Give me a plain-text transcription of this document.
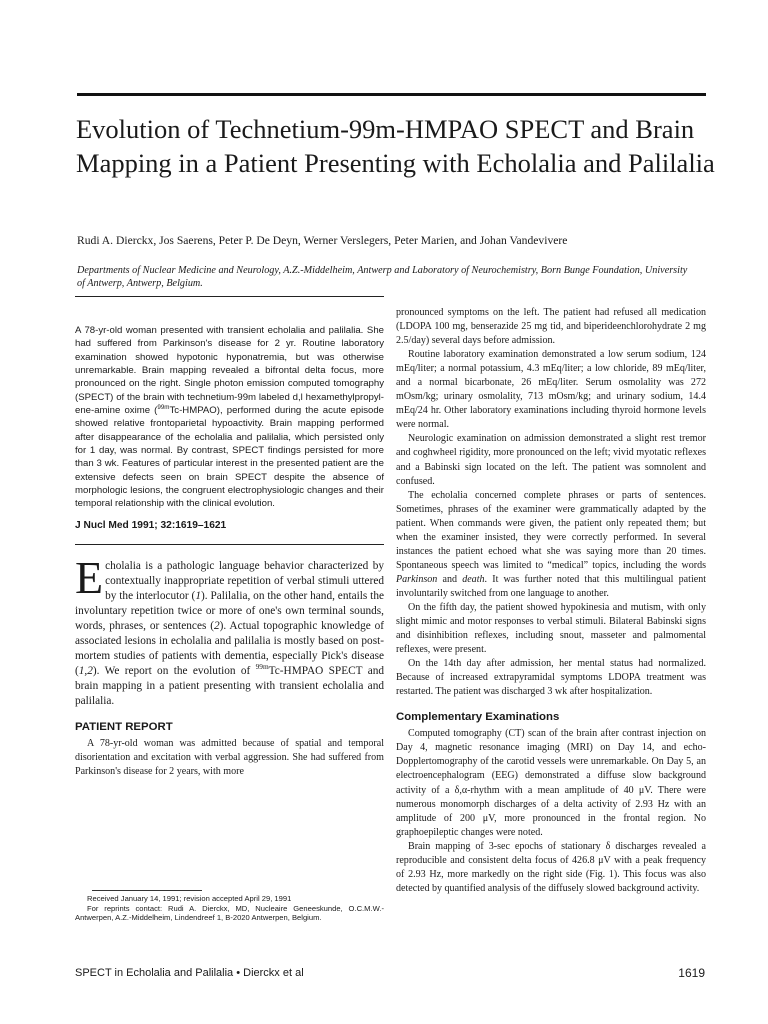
Evolution of Technetium-99m-HMPAO SPECT and Brain Mapping in a Patient Presenting with Echolalia and Palilalia
Rudi A. Dierckx, Jos Saerens, Peter P. De Deyn, Werner Verslegers, Peter Marien, and Johan Vandevivere
Departments of Nuclear Medicine and Neurology, A.Z.-Middelheim, Antwerp and Laboratory of Neurochemistry, Born Bunge Foundation, University of Antwerp, Antwerp, Belgium.

A 78-yr-old woman presented with transient echolalia and palilalia. She had suffered from Parkinson's disease for 2 yr. Routine laboratory examination showed hypotonic hyponatremia, but was otherwise unremarkable. Brain mapping revealed a bifrontal delta focus, more pronounced on the right. Single photon emission computed tomography (SPECT) of the brain with technetium-99m labeled d,l hexamethylpropyl-ene-amine oxime ($^{99m}$Tc-HMPAO), performed during the acute episode showed relative frontoparietal hypoactivity. Brain mapping performed after disappearance of the echolalia and palilalia, which persisted only for 1 day, was normal. By contrast, SPECT findings persisted for more than 3 wk. Features of particular interest in the presented patient are the extensive defects seen on brain SPECT despite the absence of morphologic lesions, the congruent electrophysiologic changes and their temporal relationship with the clinical evolution.

J Nucl Med 1991; 32:1619–1621

Echolalia is a pathologic language behavior characterized by contextually inappropriate repetition of verbal stimuli uttered by the interlocutor (1). Palilalia, on the other hand, entails the involuntary repetition twice or more of one's own terminal sounds, words, phrases, or sentences (2). Actual topographic knowledge of associated lesions in echolalia and palilalia is mostly based on post-mortem studies of patients with dementia, especially Pick's disease (1,2). We report on the evolution of $^{99m}$Tc-HMPAO SPECT and brain mapping in a patient presenting with transient echolalia and palilalia.

PATIENT REPORT

A 78-yr-old woman was admitted because of spatial and temporal disorientation and excitation with verbal aggression. She had suffered from Parkinson's disease for 2 years, with more

Received January 14, 1991; revision accepted April 29, 1991

For reprints contact: Rudi A. Dierckx, MD, Nucleaire Geneeskunde, O.C.M.W.-Antwerpen, A.Z.-Middelheim, Lindendreef 1, B-2020 Antwerpen, Belgium.

pronounced symptoms on the left. The patient had refused all medication (LDOPA 100 mg, benserazide 25 mg tid, and biperideenchlorohydrate 2 mg 2.5/day) several days before admission.

Routine laboratory examination demonstrated a low serum sodium, 124 mEq/liter; a normal potassium, 4.3 mEq/liter; a low chloride, 89 mEq/liter, and a normal bicarbonate, 26 mEq/liter. Serum osmolality was 272 mOsm/kg; urinary osmolality, 713 mOsm/kg; and urinary sodium, 14.4 mEq/24 hr. Other laboratory examinations including thyroid hormone levels were normal.

Neurologic examination on admission demonstrated a slight rest tremor and coghwheel rigidity, more pronounced on the left; vivid myotatic reflexes and a Babinski sign located on the left. The patient was somnolent and confused.

The echolalia concerned complete phrases or parts of sentences. Sometimes, phrases of the examiner were grammatically adapted by the patient. When commands were given, the patient only repeated them; but when the examiner insisted, they were correctly performed. In several instances the patient echoed what she was saying more than 20 times. Spontaneous speech was limited to “medical” topics, including the words Parkinson and death. It was further noted that this multilingual patient involuntarily switched from one language to another.

On the fifth day, the patient showed hypokinesia and mutism, with only slight mimic and motor responses to verbal stimuli. Bilateral Babinski signs and disinhibition reflexes, including snout, masseter and palmomental reflexes, were present.

On the 14th day after admission, her mental status had normalized. Because of increased extrapyramidal symptoms LDOPA treatment was restarted. The patient was discharged 3 wk after hospitalization.

Complementary Examinations

Computed tomography (CT) scan of the brain after contrast injection on Day 4, magnetic resonance imaging (MRI) on Day 14, and echo-Dopplertomography of the carotid vessels were unremarkable. On Day 5, an electroencephalogram (EEG) demonstrated a diffuse slow background activity of a δ,α-rhythm with a mean amplitude of 40 μV. There were numerous monomorph discharges of a delta activity of 2.93 Hz with an amplitude of 200 μV, more pronounced in the frontal region. No graphoepileptic changes were noted.

Brain mapping of 3-sec epochs of stationary δ discharges revealed a reproducible and consistent delta focus of 426.8 μV with a peak frequency of 2.93 Hz, more markedly on the right side (Fig. 1). This focus was also detected by quantified analysis of the diffusely slowed background activity.

SPECT in Echolalia and Palilalia • Dierckx et al	1619
